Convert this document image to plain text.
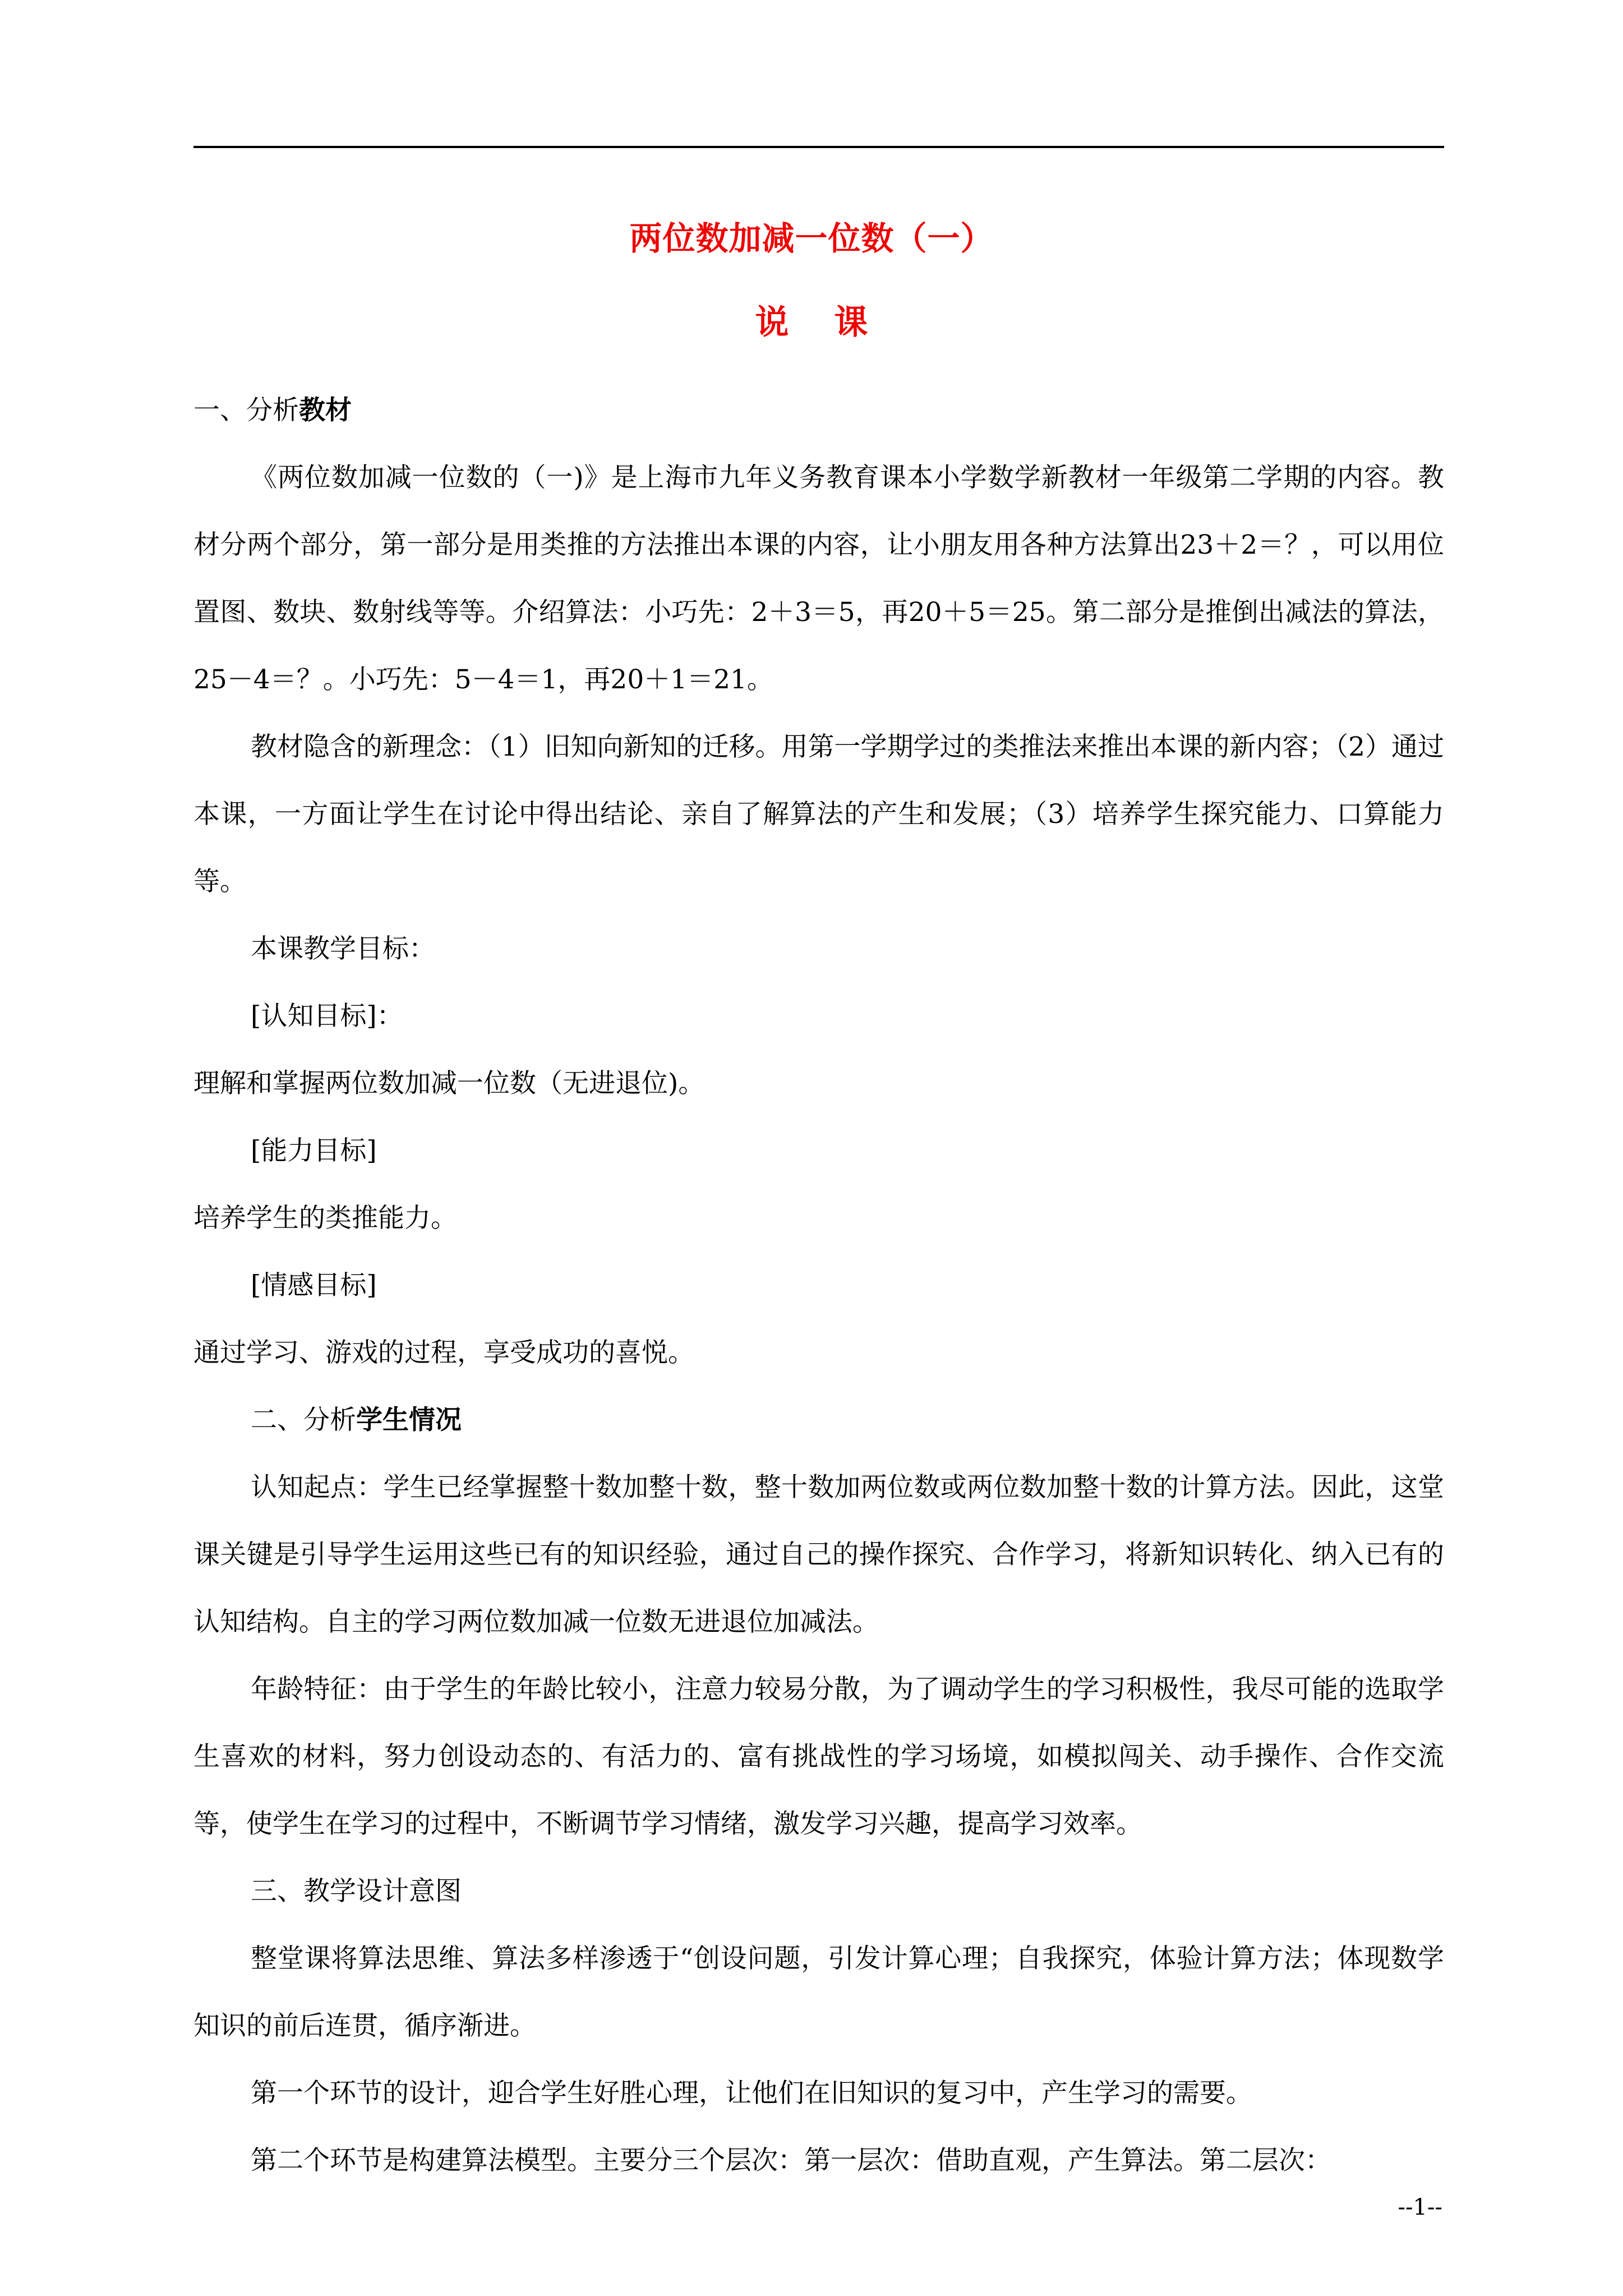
两位数加减一位数（一）
说 课

一、分析教材

《两位数加减一位数的（一)》是上海市九年义务教育课本小学数学新教材一年级第二学期的内容。教材分两个部分，第一部分是用类推的方法推出本课的内容，让小朋友用各种方法算出23＋2＝？，可以用位置图、数块、数射线等等。介绍算法：小巧先：2＋3＝5，再20＋5＝25。第二部分是推倒出减法的算法，25－4＝？。小巧先：5－4＝1，再20＋1＝21。

教材隐含的新理念：（1）旧知向新知的迁移。用第一学期学过的类推法来推出本课的新内容；（2）通过本课，一方面让学生在讨论中得出结论、亲自了解算法的产生和发展；（3）培养学生探究能力、口算能力等。

本课教学目标：

[认知目标]：

理解和掌握两位数加减一位数（无进退位)。

[能力目标]

培养学生的类推能力。

[情感目标]

通过学习、游戏的过程，享受成功的喜悦。

二、分析学生情况

认知起点：学生已经掌握整十数加整十数，整十数加两位数或两位数加整十数的计算方法。因此，这堂课关键是引导学生运用这些已有的知识经验，通过自己的操作探究、合作学习，将新知识转化、纳入已有的认知结构。自主的学习两位数加减一位数无进退位加减法。

年龄特征：由于学生的年龄比较小，注意力较易分散，为了调动学生的学习积极性，我尽可能的选取学生喜欢的材料，努力创设动态的、有活力的、富有挑战性的学习场境，如模拟闯关、动手操作、合作交流等，使学生在学习的过程中，不断调节学习情绪，激发学习兴趣，提高学习效率。

三、教学设计意图

整堂课将算法思维、算法多样渗透于“创设问题，引发计算心理；自我探究，体验计算方法；体现数学知识的前后连贯，循序渐进。

第一个环节的设计，迎合学生好胜心理，让他们在旧知识的复习中，产生学习的需要。

第二个环节是构建算法模型。主要分三个层次：第一层次：借助直观，产生算法。第二层次：

--1--
